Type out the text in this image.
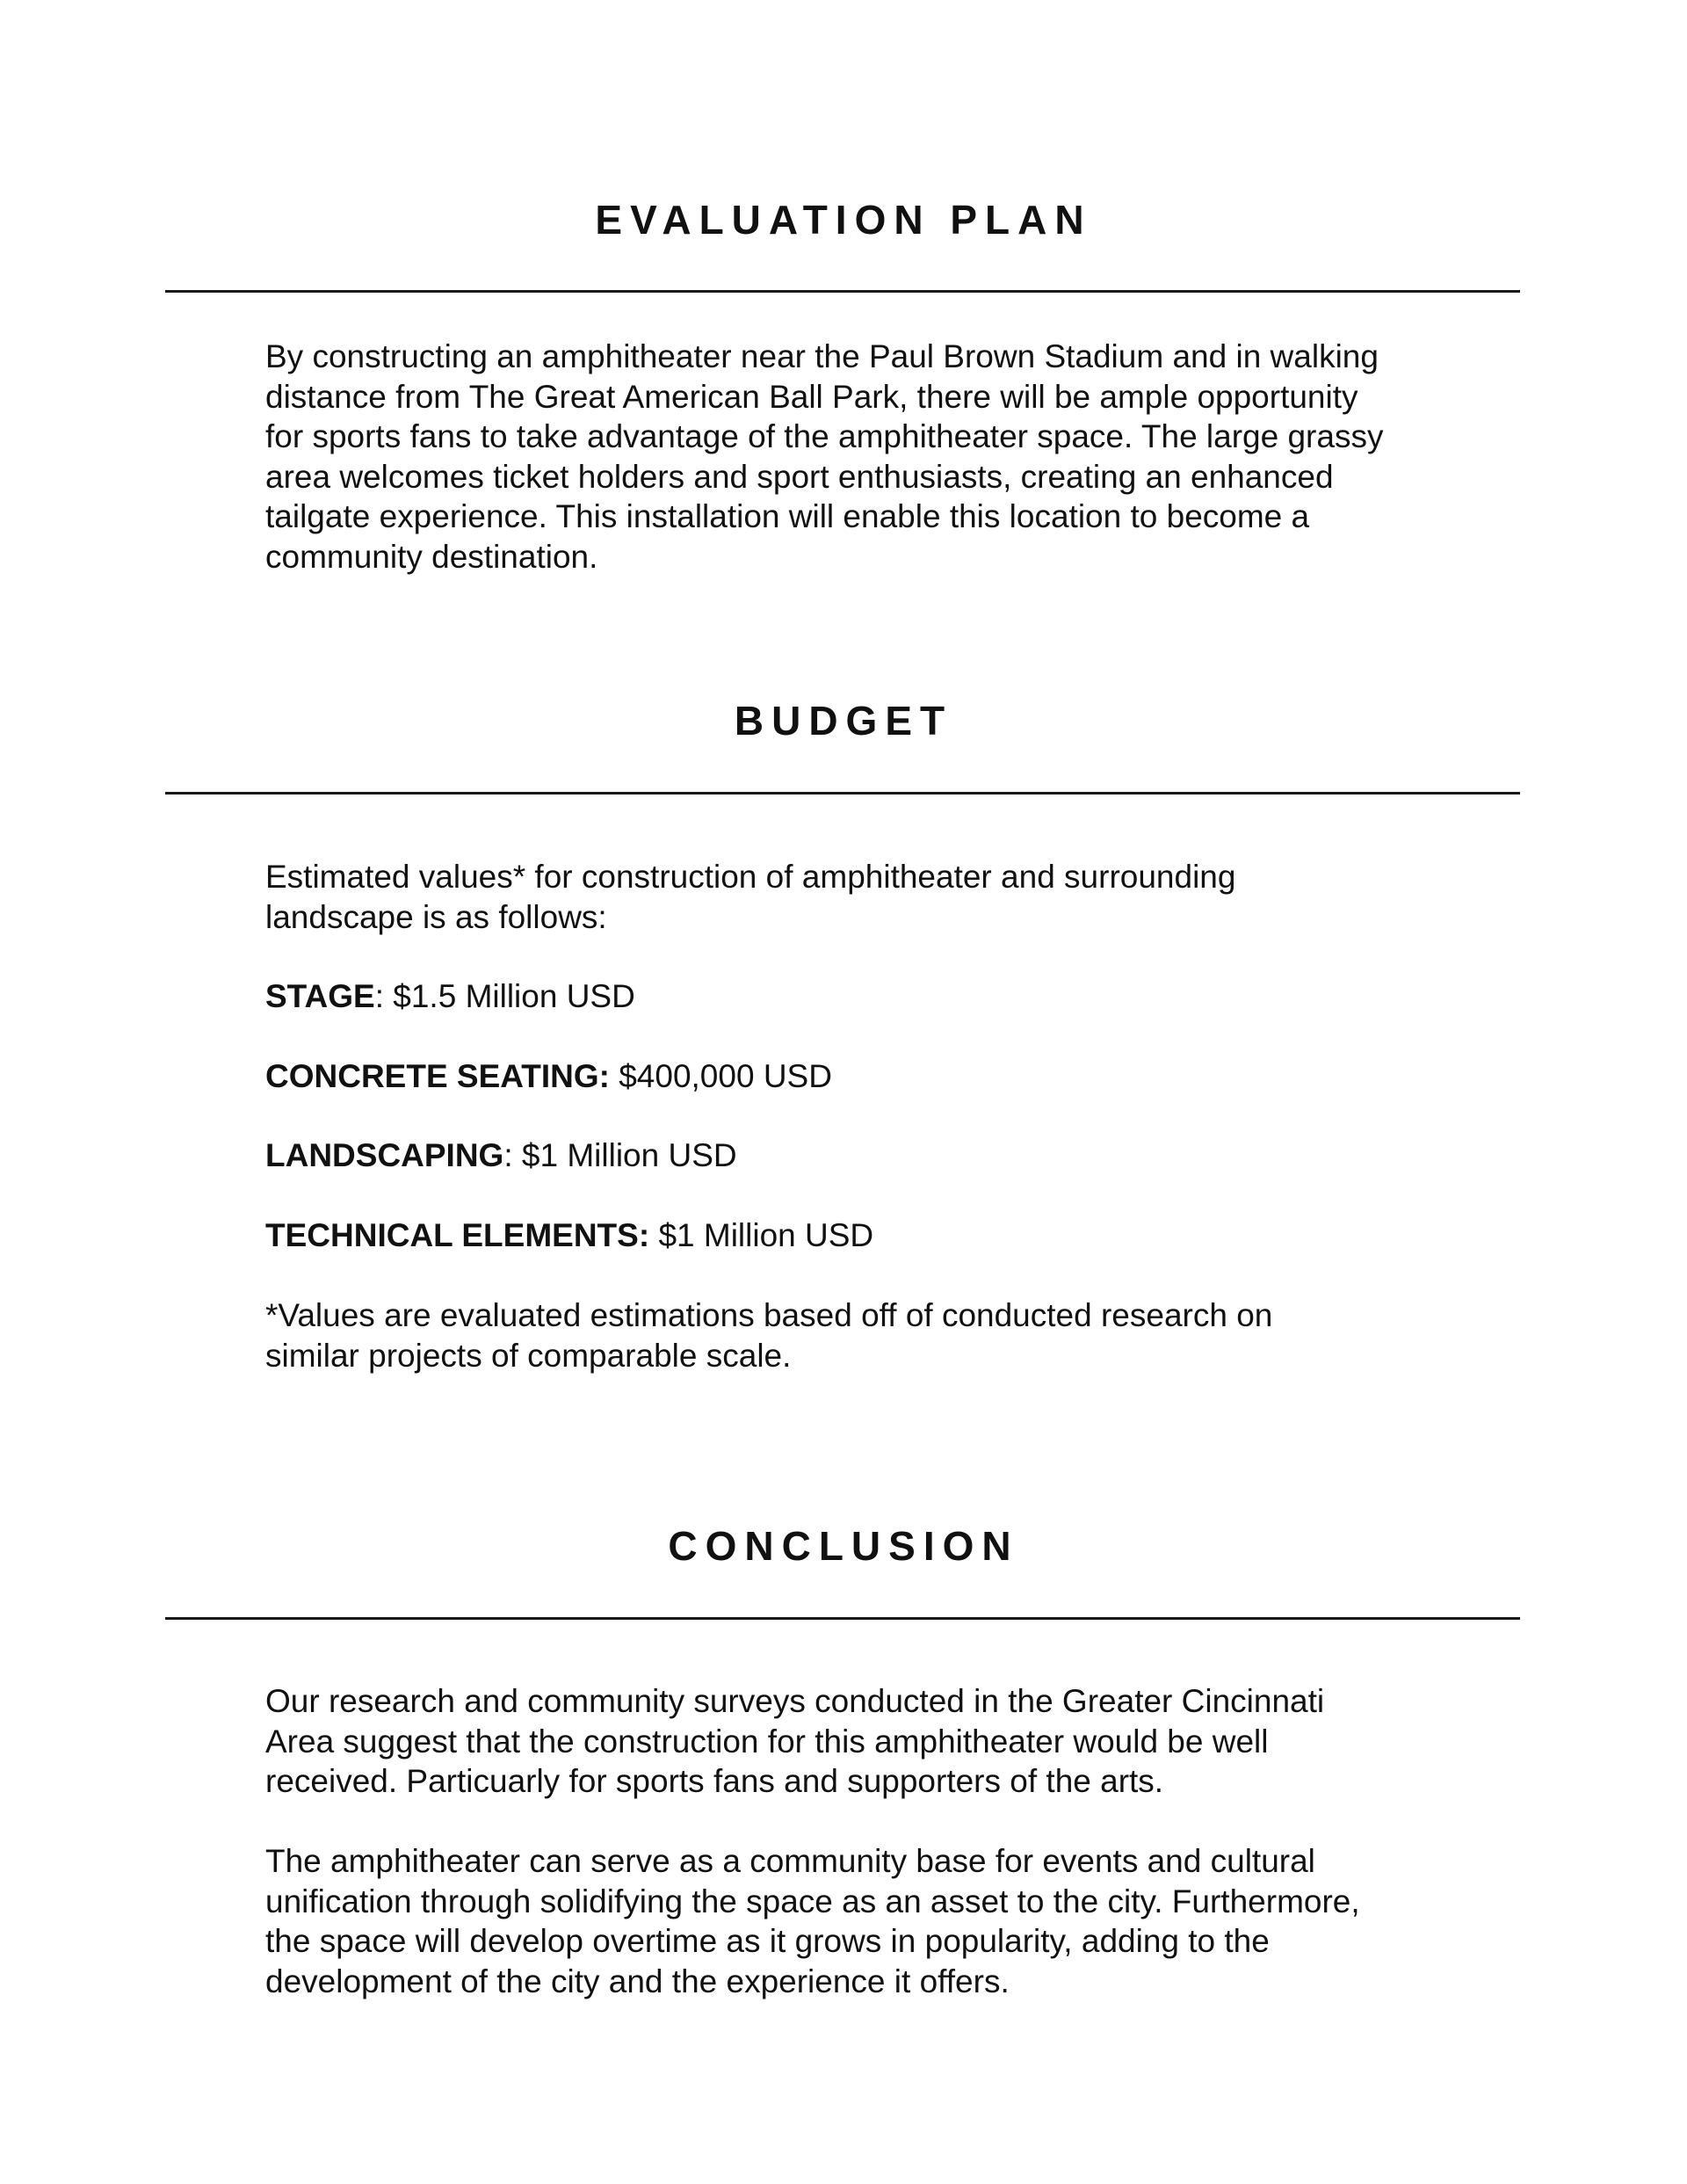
EVALUATION PLAN
By constructing an amphitheater near the Paul Brown Stadium and in walking
distance from The Great American Ball Park, there will be ample opportunity
for sports fans to take advantage of the amphitheater space. The large grassy
area welcomes ticket holders and sport enthusiasts, creating an enhanced
tailgate experience. This installation will enable this location to become a
community destination.
BUDGET
Estimated values* for construction of amphitheater and surrounding
landscape is as follows:

STAGE: $1.5 Million USD

CONCRETE SEATING: $400,000 USD

LANDSCAPING: $1 Million USD

TECHNICAL ELEMENTS: $1 Million USD

*Values are evaluated estimations based off of conducted research on
similar projects of comparable scale.
CONCLUSION
Our research and community surveys conducted in the Greater Cincinnati
Area suggest that the construction for this amphitheater would be well
received. Particuarly for sports fans and supporters of the arts.
The amphitheater can serve as a community base for events and cultural
unification through solidifying the space as an asset to the city. Furthermore,
the space will develop overtime as it grows in popularity, adding to the
development of the city and the experience it offers.
